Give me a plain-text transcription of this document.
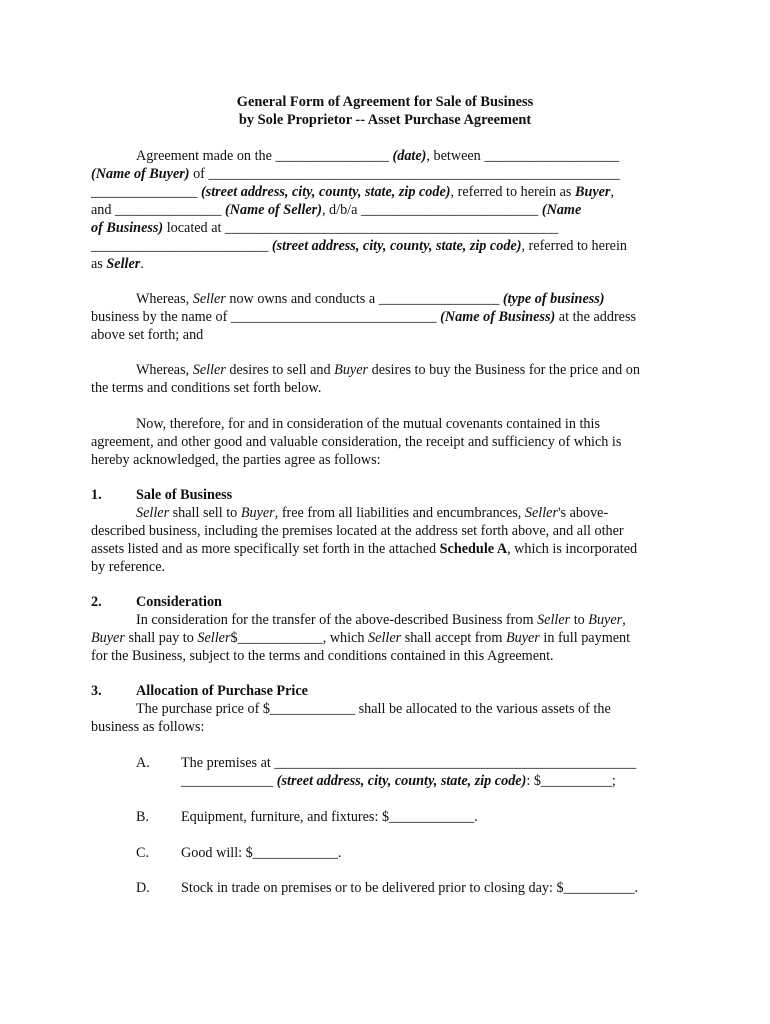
General Form of Agreement for Sale of Business
by Sole Proprietor -- Asset Purchase Agreement
Agreement made on the ________________ (date), between ___________________
(Name of Buyer) of __________________________________________________________
_______________ (street address, city, county, state, zip code), referred to herein as Buyer,
and _______________ (Name of Seller), d/b/a _________________________ (Name
of Business) located at _______________________________________________
_________________________ (street address, city, county, state, zip code), referred to herein
as Seller.
Whereas, Seller now owns and conducts a _________________ (type of business)
business by the name of _____________________________ (Name of Business) at the address
above set forth; and
Whereas, Seller desires to sell and Buyer desires to buy the Business for the price and on
the terms and conditions set forth below.
Now, therefore, for and in consideration of the mutual covenants contained in this
agreement, and other good and valuable consideration, the receipt and sufficiency of which is
hereby acknowledged, the parties agree as follows:
1. Sale of Business
Seller shall sell to Buyer, free from all liabilities and encumbrances, Seller's above-
described business, including the premises located at the address set forth above, and all other
assets listed and as more specifically set forth in the attached Schedule A, which is incorporated
by reference.
2. Consideration
In consideration for the transfer of the above-described Business from Seller to Buyer,
Buyer shall pay to Seller$____________, which Seller shall accept from Buyer in full payment
for the Business, subject to the terms and conditions contained in this Agreement.
3. Allocation of Purchase Price
The purchase price of $____________ shall be allocated to the various assets of the
business as follows:
A. The premises at ___________________________________________________
_____________ (street address, city, county, state, zip code): $__________;
B. Equipment, furniture, and fixtures: $____________.
C. Good will: $____________.
D. Stock in trade on premises or to be delivered prior to closing day: $__________.
